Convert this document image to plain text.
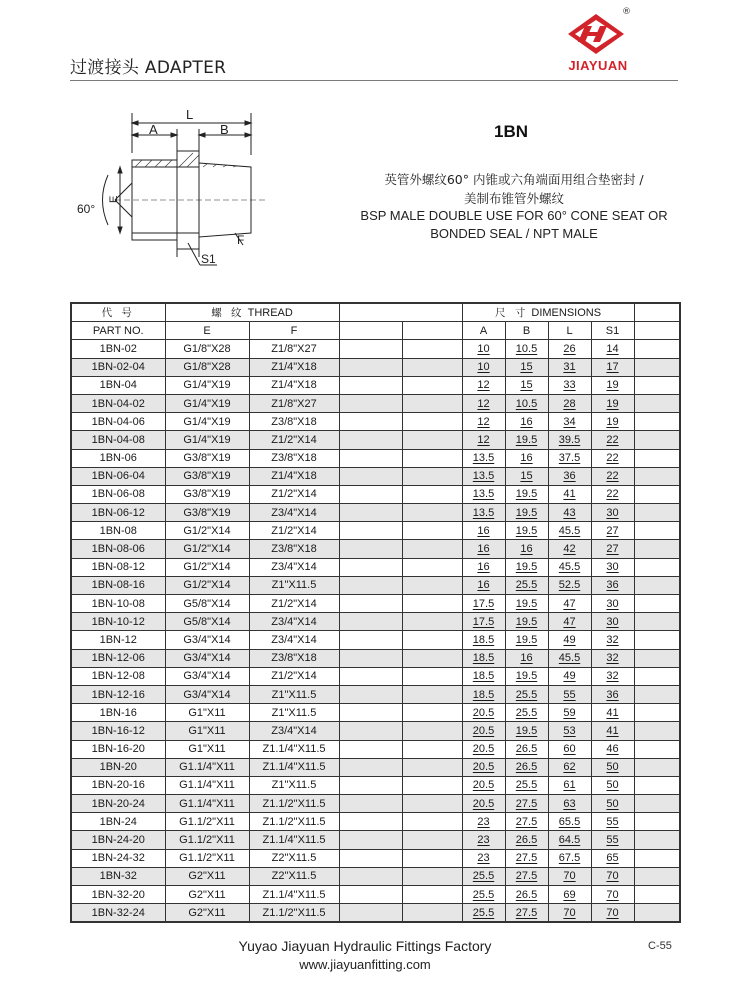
过渡接头 ADAPTER
®
JIAYUAN
L
A	B
E
60°
F
S1
1BN
英管外螺纹60° 内锥或六角端面用组合垫密封 /
美制布锥管外螺纹
BSP MALE DOUBLE USE FOR 60° CONE SEAT OR
BONDED SEAL / NPT MALE
代 号	螺 纹 THREAD				尺 寸 DIMENSIONS				
PART NO.	E	F			A	B	L	S1	
1BN-02	G1/8"X28	Z1/8"X27			10	10.5	26	14	
1BN-02-04	G1/8"X28	Z1/4"X18			10	15	31	17	
1BN-04	G1/4"X19	Z1/4"X18			12	15	33	19	
1BN-04-02	G1/4"X19	Z1/8"X27			12	10.5	28	19	
1BN-04-06	G1/4"X19	Z3/8"X18			12	16	34	19	
1BN-04-08	G1/4"X19	Z1/2"X14			12	19.5	39.5	22	
1BN-06	G3/8"X19	Z3/8"X18			13.5	16	37.5	22	
1BN-06-04	G3/8"X19	Z1/4"X18			13.5	15	36	22	
1BN-06-08	G3/8"X19	Z1/2"X14			13.5	19.5	41	22	
1BN-06-12	G3/8"X19	Z3/4"X14			13.5	19.5	43	30	
1BN-08	G1/2"X14	Z1/2"X14			16	19.5	45.5	27	
1BN-08-06	G1/2"X14	Z3/8"X18			16	16	42	27	
1BN-08-12	G1/2"X14	Z3/4"X14			16	19.5	45.5	30	
1BN-08-16	G1/2"X14	Z1"X11.5			16	25.5	52.5	36	
1BN-10-08	G5/8"X14	Z1/2"X14			17.5	19.5	47	30	
1BN-10-12	G5/8"X14	Z3/4"X14			17.5	19.5	47	30	
1BN-12	G3/4"X14	Z3/4"X14			18.5	19.5	49	32	
1BN-12-06	G3/4"X14	Z3/8"X18			18.5	16	45.5	32	
1BN-12-08	G3/4"X14	Z1/2"X14			18.5	19.5	49	32	
1BN-12-16	G3/4"X14	Z1"X11.5			18.5	25.5	55	36	
1BN-16	G1"X11	Z1"X11.5			20.5	25.5	59	41	
1BN-16-12	G1"X11	Z3/4"X14			20.5	19.5	53	41	
1BN-16-20	G1"X11	Z1.1/4"X11.5			20.5	26.5	60	46	
1BN-20	G1.1/4"X11	Z1.1/4"X11.5			20.5	26.5	62	50	
1BN-20-16	G1.1/4"X11	Z1"X11.5			20.5	25.5	61	50	
1BN-20-24	G1.1/4"X11	Z1.1/2"X11.5			20.5	27.5	63	50	
1BN-24	G1.1/2"X11	Z1.1/2"X11.5			23	27.5	65.5	55	
1BN-24-20	G1.1/2"X11	Z1.1/4"X11.5			23	26.5	64.5	55	
1BN-24-32	G1.1/2"X11	Z2"X11.5			23	27.5	67.5	65	
1BN-32	G2"X11	Z2"X11.5			25.5	27.5	70	70	
1BN-32-20	G2"X11	Z1.1/4"X11.5			25.5	26.5	69	70	
1BN-32-24	G2"X11	Z1.1/2"X11.5			25.5	27.5	70	70	
Yuyao Jiayuan Hydraulic Fittings Factory
www.jiayuanfitting.com
C-55
